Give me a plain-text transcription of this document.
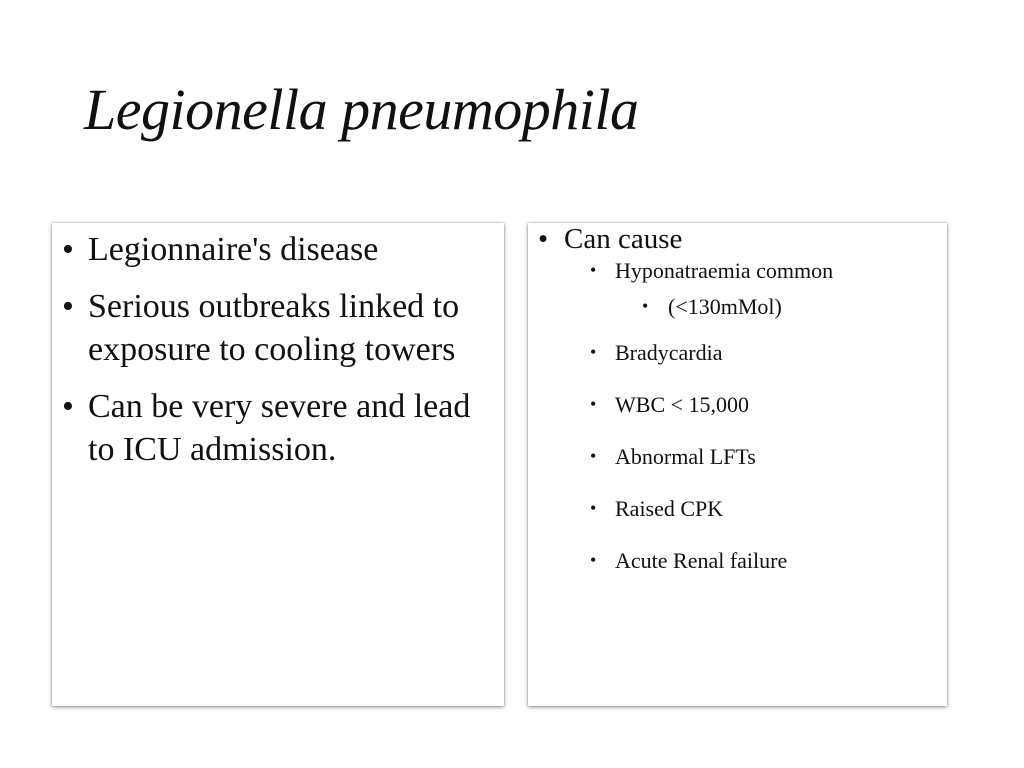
Legionella pneumophila
• Legionnaire's disease
• Serious outbreaks linked to exposure to cooling towers
• Can be very severe and lead to ICU admission.
• Can cause
• Hyponatraemia common
• (<130mMol)
• Bradycardia
• WBC < 15,000
• Abnormal LFTs
• Raised CPK
• Acute Renal failure
